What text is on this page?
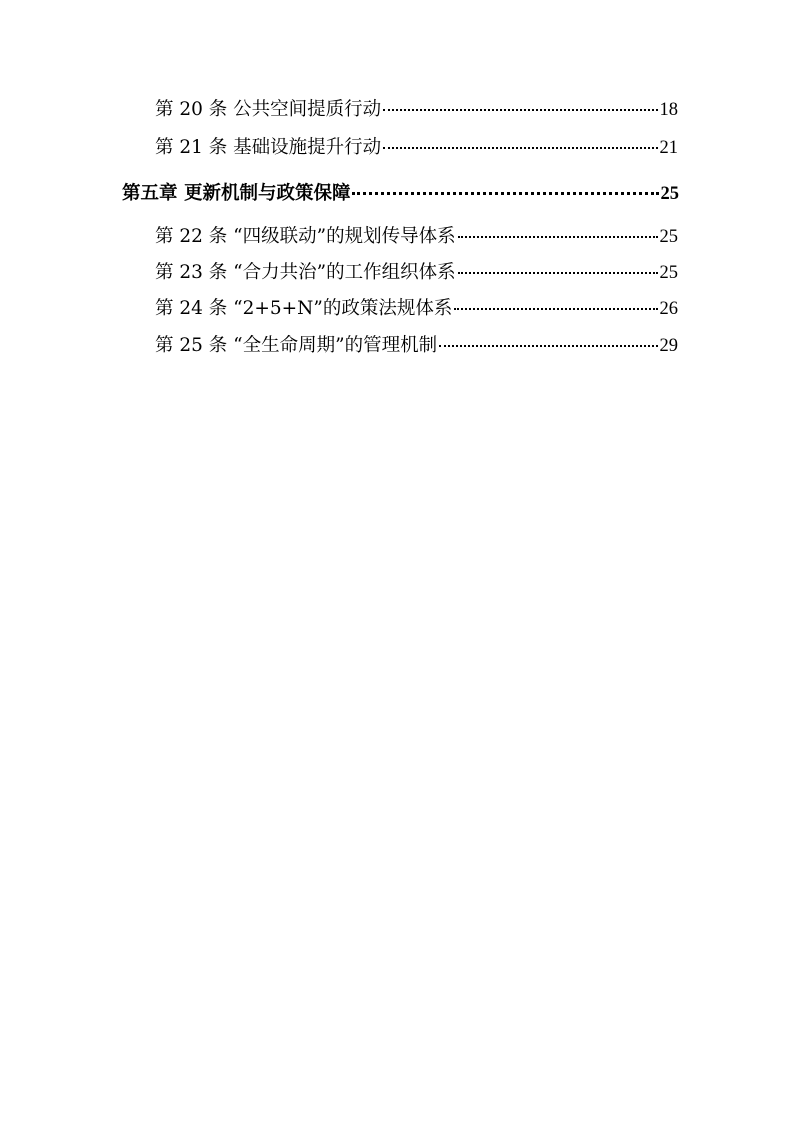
第 20 条 公共空间提质行动	18
第 21 条 基础设施提升行动	21
第五章 更新机制与政策保障	25
第 22 条 “四级联动”的规划传导体系	25
第 23 条 “合力共治”的工作组织体系	25
第 24 条 “2+5+N”的政策法规体系	26
第 25 条 “全生命周期”的管理机制	29
